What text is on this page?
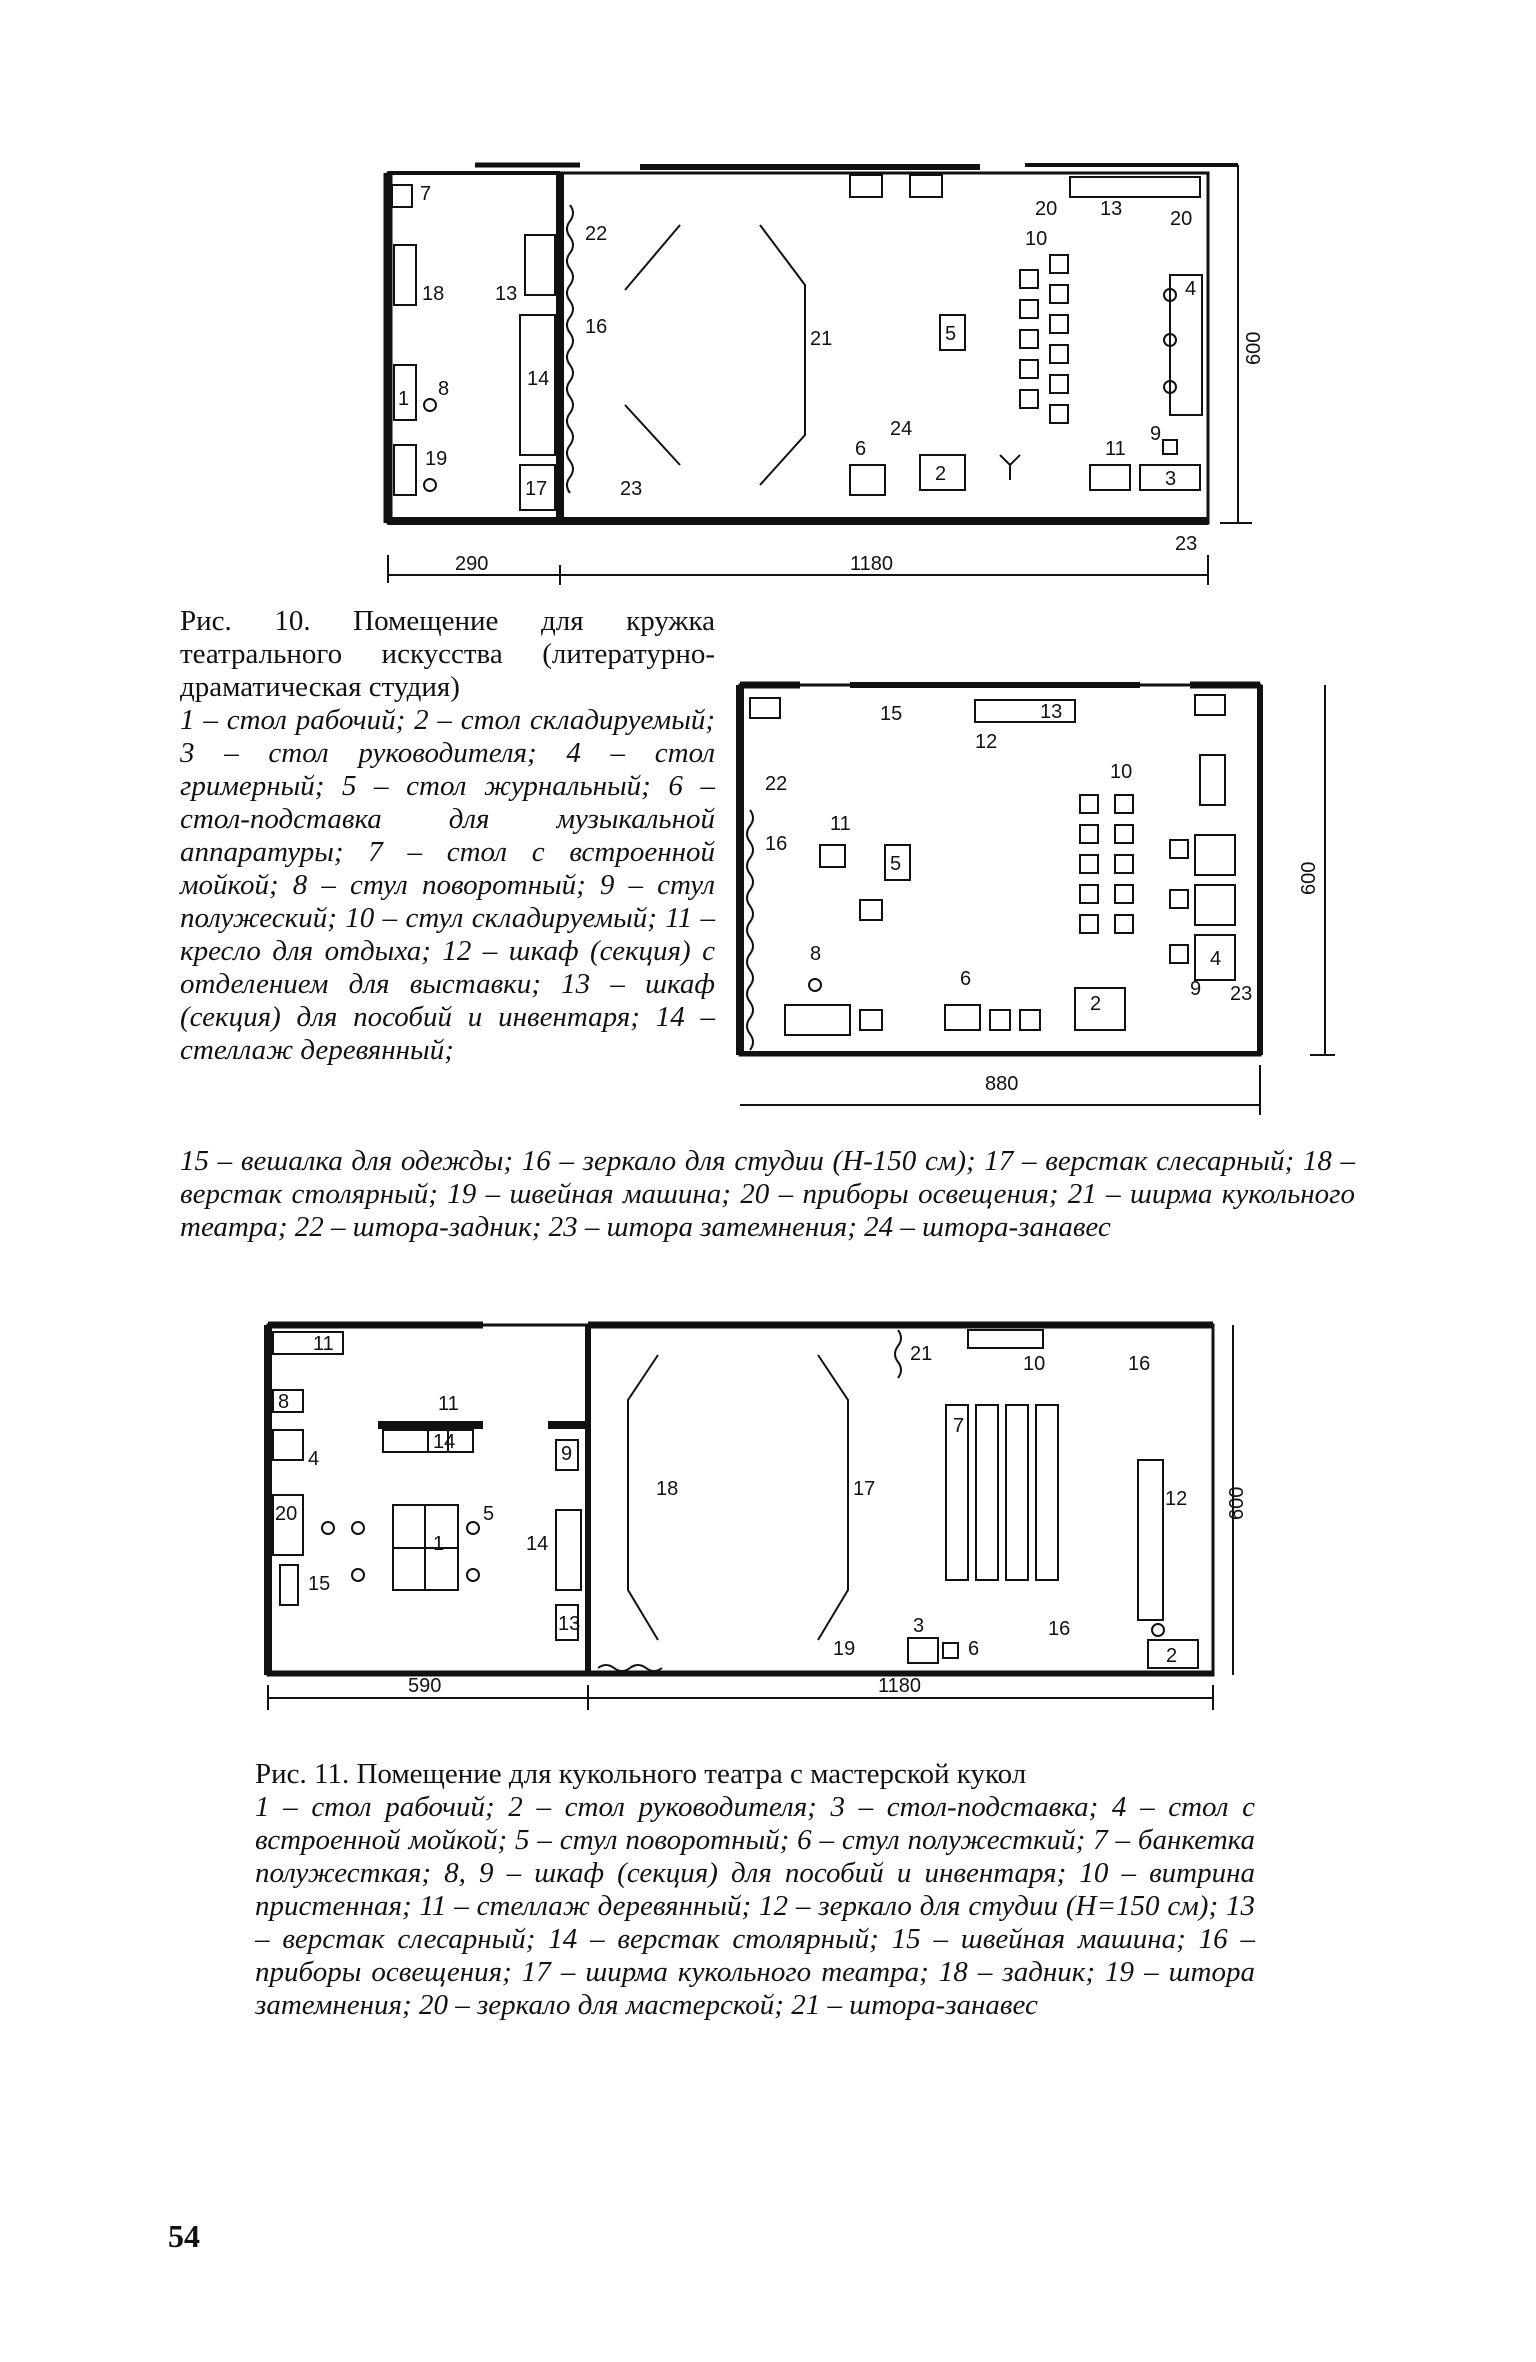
7
18	13
22
16
14
1 8
19
17	23
21	5
6
24
2
20 13 20
10
4
11
9
3
290	1180
600
23
15	13
12
22
10
16
11
5
8
6
2
4
9 23
880
600
Рис. 10. Помещение для кружка театрального искусства (литературно-драматическая студия)
1 – стол рабочий; 2 – стол складируемый; 3 – стол руководителя; 4 – стол гримерный; 5 – стол журнальный; 6 – стол-подставка для музыкальной аппаратуры; 7 – стол с встроенной мойкой; 8 – стул поворотный; 9 – стул полужеский; 10 – стул складируемый; 11 – кресло для отдыха; 12 – шкаф (секция) с отделением для выставки; 13 – шкаф (секция) для пособий и инвентаря; 14 – стеллаж деревянный;
15 – вешалка для одежды; 16 – зеркало для студии (H-150 см); 17 – верстак слесарный; 18 – верстак столярный; 19 – швейная машина; 20 – приборы освещения; 21 – ширма кукольного театра; 22 – штора-задник; 23 – штора затемнения; 24 – штора-занавес
11
8	11
14
4	9
20	5
1	14
15
13
18	17
21	10	16
7
12
3
6
19
16
2
590	1180
600
Рис. 11. Помещение для кукольного театра с мастерской кукол
1 – стол рабочий; 2 – стол руководителя; 3 – стол-подставка; 4 – стол с встроенной мойкой; 5 – стул поворотный; 6 – стул полужесткий; 7 – банкетка полужесткая; 8, 9 – шкаф (секция) для пособий и инвентаря; 10 – витрина пристенная; 11 – стеллаж деревянный; 12 – зеркало для студии (H=150 см); 13 – верстак слесарный; 14 – верстак столярный; 15 – швейная машина; 16 – приборы освещения; 17 – ширма кукольного театра; 18 – задник; 19 – штора затемнения; 20 – зеркало для мастерской; 21 – штора-занавес
54
